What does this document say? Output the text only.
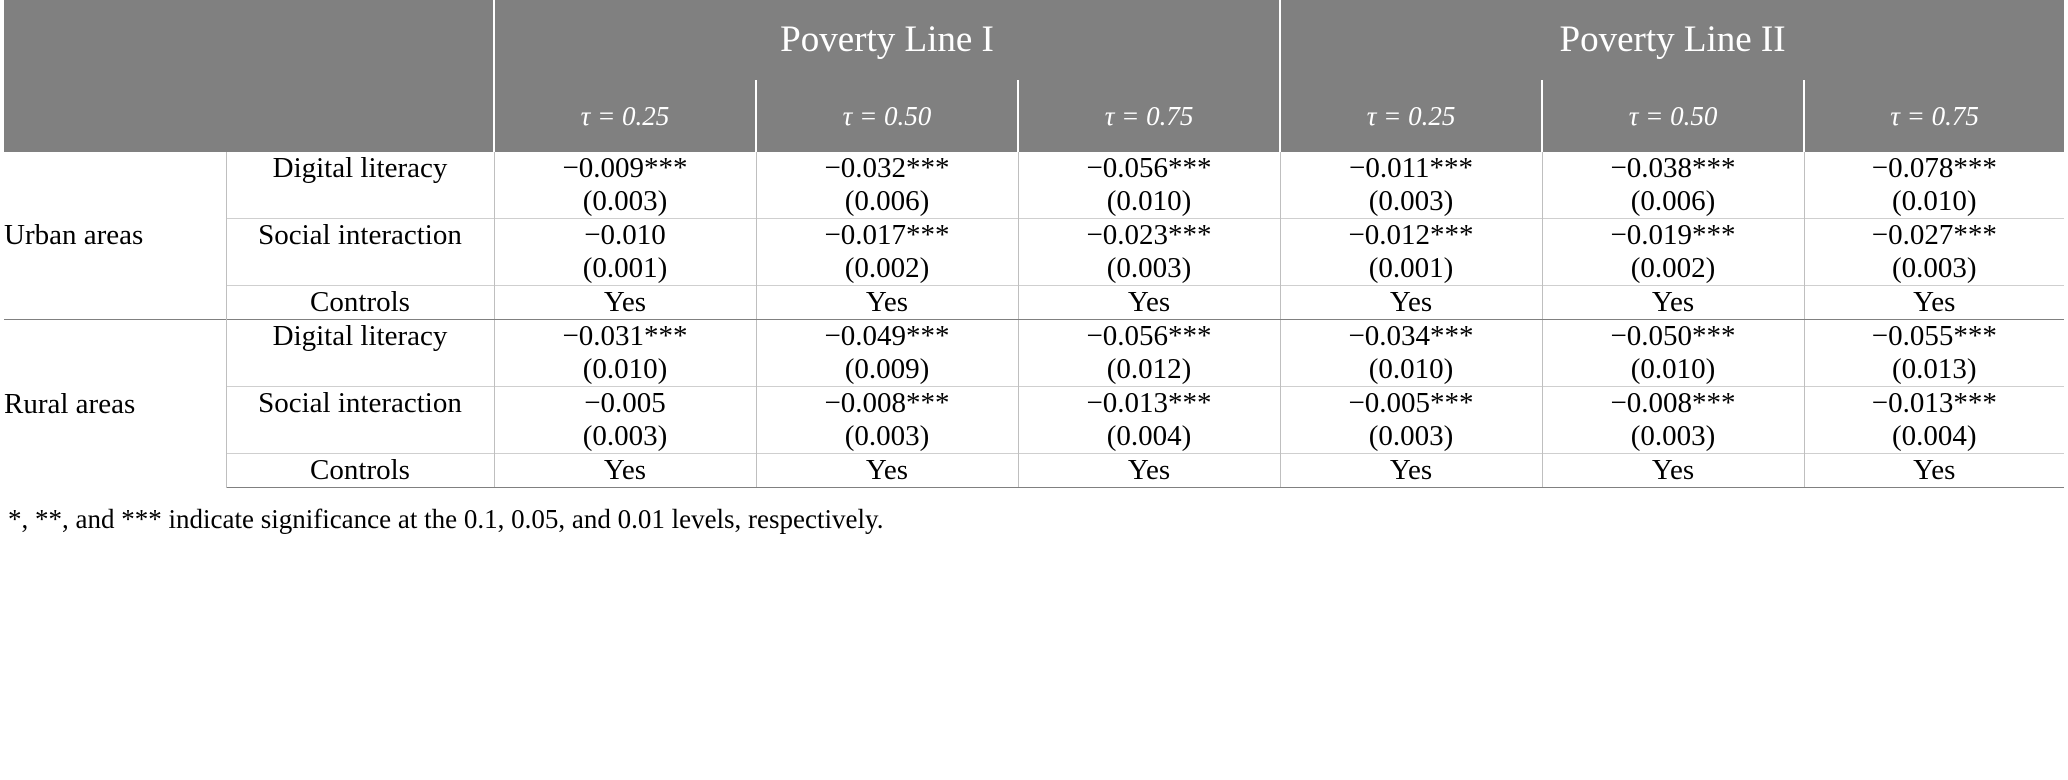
		Poverty Line I			Poverty Line II		
		τ = 0.25	τ = 0.50	τ = 0.75	τ = 0.25	τ = 0.50	τ = 0.75
Urban areas	Digital literacy	−0.009***	−0.032***	−0.056***	−0.011***	−0.038***	−0.078***
		(0.003)	(0.006)	(0.010)	(0.003)	(0.006)	(0.010)
	Social interaction	−0.010	−0.017***	−0.023***	−0.012***	−0.019***	−0.027***
		(0.001)	(0.002)	(0.003)	(0.001)	(0.002)	(0.003)
	Controls	Yes	Yes	Yes	Yes	Yes	Yes

Rural areas	Digital literacy	−0.031***	−0.049***	−0.056***	−0.034***	−0.050***	−0.055***
		(0.010)	(0.009)	(0.012)	(0.010)	(0.010)	(0.013)
	Social interaction	−0.005	−0.008***	−0.013***	−0.005***	−0.008***	−0.013***
		(0.003)	(0.003)	(0.004)	(0.003)	(0.003)	(0.004)
	Controls	Yes	Yes	Yes	Yes	Yes	Yes

*, **, and *** indicate significance at the 0.1, 0.05, and 0.01 levels, respectively.
